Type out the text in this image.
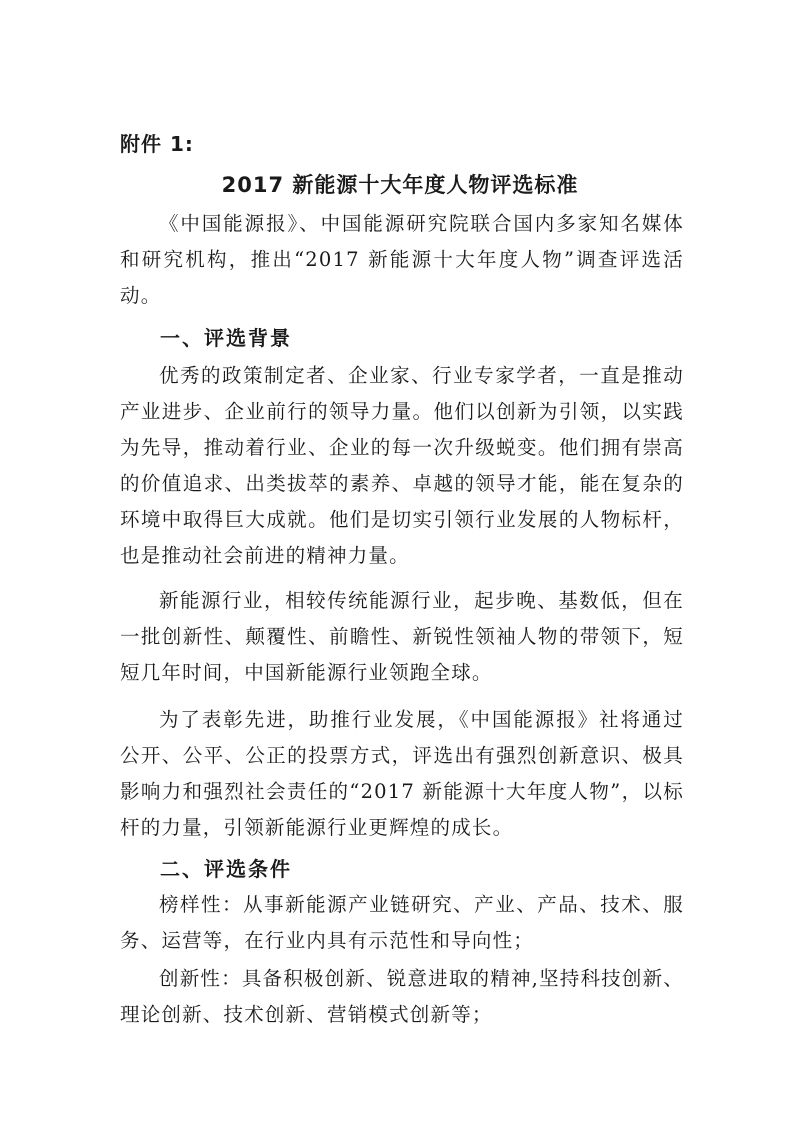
附件 1:
2017 新能源十大年度人物评选标准

《中国能源报》、中国能源研究院联合国内多家知名媒体和研究机构，推出“2017 新能源十大年度人物”调查评选活动。

一、评选背景

优秀的政策制定者、企业家、行业专家学者，一直是推动产业进步、企业前行的领导力量。他们以创新为引领，以实践为先导，推动着行业、企业的每一次升级蜕变。他们拥有崇高的价值追求、出类拔萃的素养、卓越的领导才能，能在复杂的环境中取得巨大成就。他们是切实引领行业发展的人物标杆，也是推动社会前进的精神力量。

新能源行业，相较传统能源行业，起步晚、基数低，但在一批创新性、颠覆性、前瞻性、新锐性领袖人物的带领下，短短几年时间，中国新能源行业领跑全球。

为了表彰先进，助推行业发展，《中国能源报》社将通过公开、公平、公正的投票方式，评选出有强烈创新意识、极具影响力和强烈社会责任的“2017 新能源十大年度人物”，以标杆的力量，引领新能源行业更辉煌的成长。

二、评选条件

榜样性：从事新能源产业链研究、产业、产品、技术、服务、运营等，在行业内具有示范性和导向性；

创新性：具备积极创新、锐意进取的精神,坚持科技创新、理论创新、技术创新、营销模式创新等；
